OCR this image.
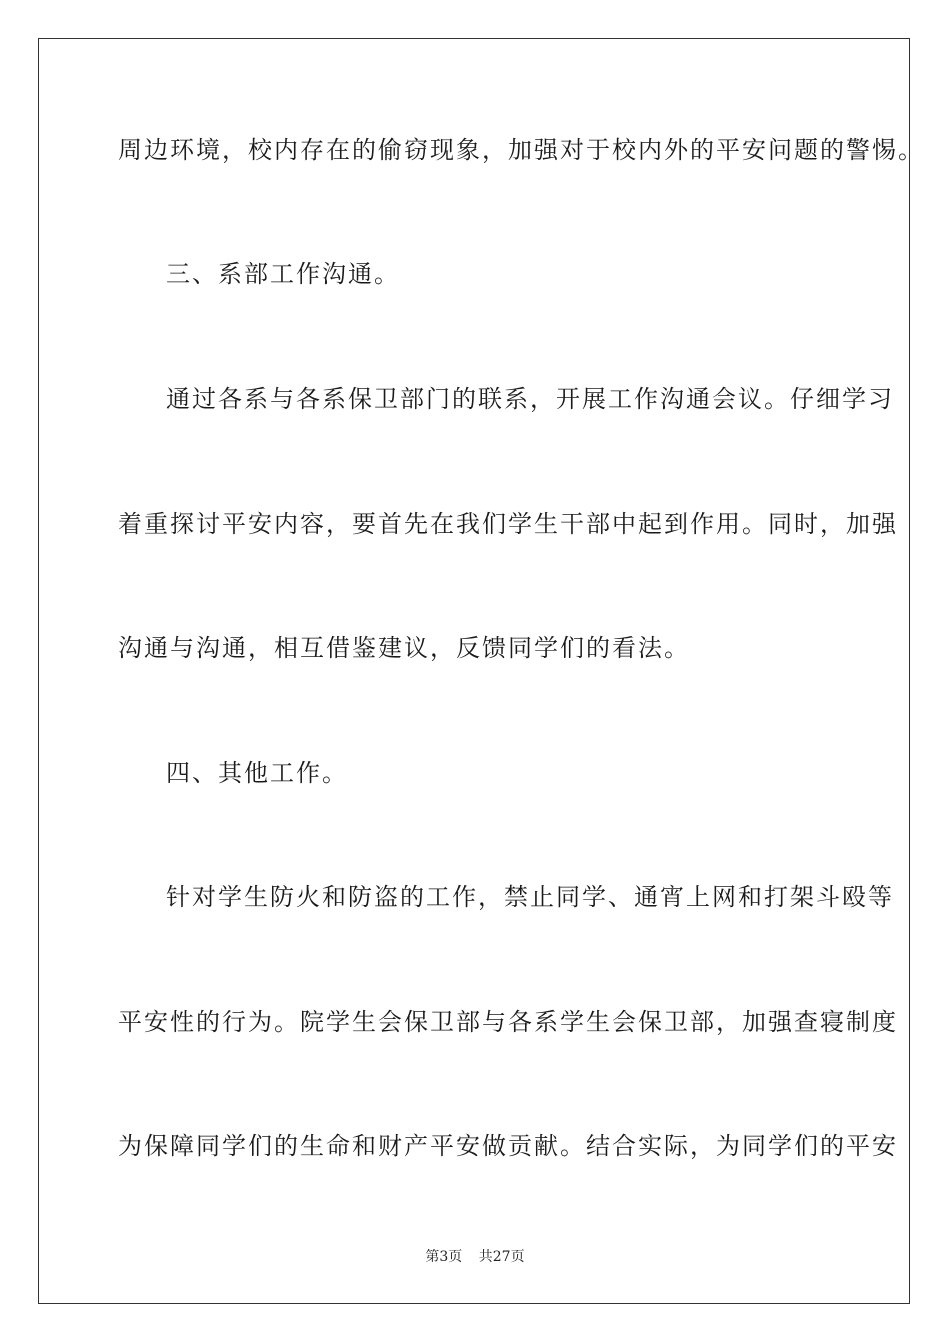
周边环境，校内存在的偷窃现象，加强对于校内外的平安问题的警惕。
三、系部工作沟通。
通过各系与各系保卫部门的联系，开展工作沟通会议。仔细学习
着重探讨平安内容，要首先在我们学生干部中起到作用。同时，加强
沟通与沟通，相互借鉴建议，反馈同学们的看法。
四、其他工作。
针对学生防火和防盗的工作，禁止同学、通宵上网和打架斗殴等
平安性的行为。院学生会保卫部与各系学生会保卫部，加强查寝制度
为保障同学们的生命和财产平安做贡献。结合实际，为同学们的平安
第3页 共27页
